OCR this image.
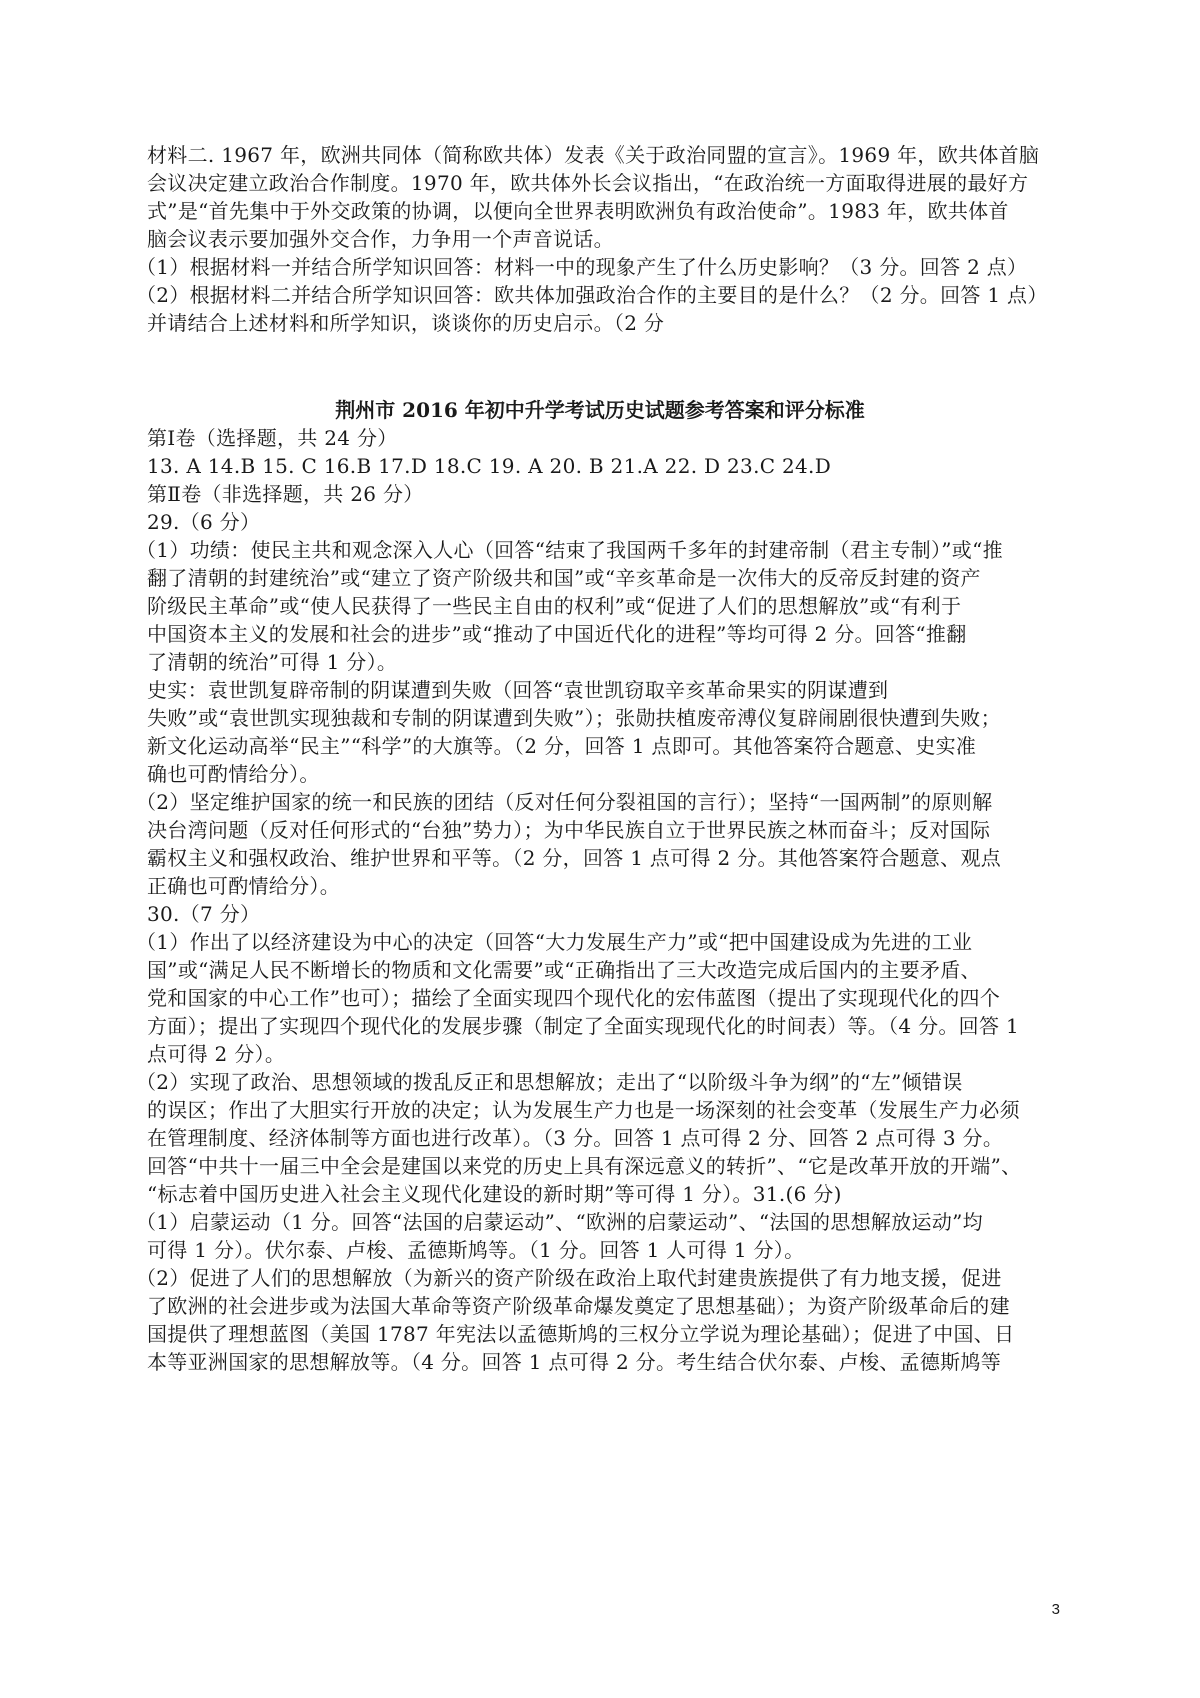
材料二. 1967 年，欧洲共同体（简称欧共体）发表《关于政治同盟的宣言》。1969 年，欧共体首脑
会议决定建立政治合作制度。1970 年，欧共体外长会议指出，“在政治统一方面取得进展的最好方
式”是“首先集中于外交政策的协调，以便向全世界表明欧洲负有政治使命”。1983 年，欧共体首
脑会议表示要加强外交合作，力争用一个声音说话。
（1）根据材料一并结合所学知识回答：材料一中的现象产生了什么历史影响？（3 分。回答 2 点）
（2）根据材料二并结合所学知识回答：欧共体加强政治合作的主要目的是什么？（2 分。回答 1 点）
并请结合上述材料和所学知识，谈谈你的历史启示。（2 分
荆州市 2016 年初中升学考试历史试题参考答案和评分标准
第Ⅰ卷（选择题，共 24 分）
13. A 14.B 15. C 16.B 17.D 18.C 19. A 20. B 21.A 22. D 23.C 24.D
第Ⅱ卷（非选择题，共 26 分）
29.（6 分）
（1）功绩：使民主共和观念深入人心（回答“结束了我国两千多年的封建帝制（君主专制）”或“推
翻了清朝的封建统治”或“建立了资产阶级共和国”或“辛亥革命是一次伟大的反帝反封建的资产
阶级民主革命”或“使人民获得了一些民主自由的权利”或“促进了人们的思想解放”或“有利于
中国资本主义的发展和社会的进步”或“推动了中国近代化的进程”等均可得 2 分。回答“推翻
了清朝的统治”可得 1 分）。
史实：袁世凯复辟帝制的阴谋遭到失败（回答“袁世凯窃取辛亥革命果实的阴谋遭到
失败”或“袁世凯实现独裁和专制的阴谋遭到失败”）；张勋扶植废帝溥仪复辟闹剧很快遭到失败；
新文化运动高举“民主”“科学”的大旗等。（2 分，回答 1 点即可。其他答案符合题意、史实准
确也可酌情给分）。
（2）坚定维护国家的统一和民族的团结（反对任何分裂祖国的言行）；坚持“一国两制”的原则解
决台湾问题（反对任何形式的“台独”势力）；为中华民族自立于世界民族之林而奋斗；反对国际
霸权主义和强权政治、维护世界和平等。（2 分，回答 1 点可得 2 分。其他答案符合题意、观点
正确也可酌情给分）。
30.（7 分）
（1）作出了以经济建设为中心的决定（回答“大力发展生产力”或“把中国建设成为先进的工业
国”或“满足人民不断增长的物质和文化需要”或“正确指出了三大改造完成后国内的主要矛盾、
党和国家的中心工作”也可）；描绘了全面实现四个现代化的宏伟蓝图（提出了实现现代化的四个
方面）；提出了实现四个现代化的发展步骤（制定了全面实现现代化的时间表）等。（4 分。回答 1
点可得 2 分）。
（2）实现了政治、思想领域的拨乱反正和思想解放；走出了“以阶级斗争为纲”的“左”倾错误
的误区；作出了大胆实行开放的决定；认为发展生产力也是一场深刻的社会变革（发展生产力必须
在管理制度、经济体制等方面也进行改革）。（3 分。回答 1 点可得 2 分、回答 2 点可得 3 分。
回答“中共十一届三中全会是建国以来党的历史上具有深远意义的转折”、“它是改革开放的开端”、
“标志着中国历史进入社会主义现代化建设的新时期”等可得 1 分）。31.(6 分)
（1）启蒙运动（1 分。回答“法国的启蒙运动”、“欧洲的启蒙运动”、“法国的思想解放运动”均
可得 1 分）。伏尔泰、卢梭、孟德斯鸠等。（1 分。回答 1 人可得 1 分）。
（2）促进了人们的思想解放（为新兴的资产阶级在政治上取代封建贵族提供了有力地支援，促进
了欧洲的社会进步或为法国大革命等资产阶级革命爆发奠定了思想基础）；为资产阶级革命后的建
国提供了理想蓝图（美国 1787 年宪法以孟德斯鸠的三权分立学说为理论基础）；促进了中国、日
本等亚洲国家的思想解放等。（4 分。回答 1 点可得 2 分。考生结合伏尔泰、卢梭、孟德斯鸠等
3
